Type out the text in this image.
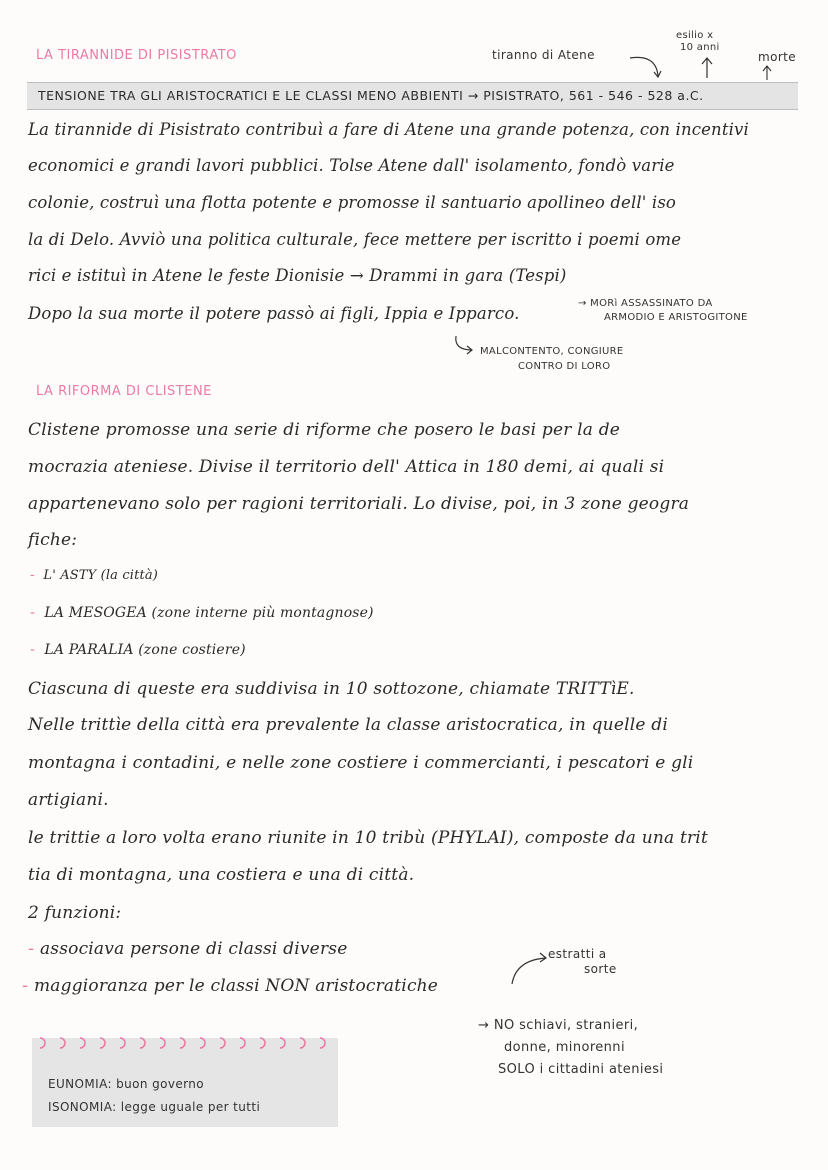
LA TIRANNIDE DI PISISTRATO	tiranno di Atene
esilio x
10 anni
morte
TENSIONE TRA GLI ARISTOCRATICI E LE CLASSI MENO ABBIENTI → PISISTRATO, 561 - 546 - 528 a.C.
La tirannide di Pisistrato contribuì a fare di Atene una grande potenza, con incentivi
economici e grandi lavori pubblici. Tolse Atene dall' isolamento, fondò varie
colonie, costruì una flotta potente e promosse il santuario apollineo dell' iso
la di Delo. Avviò una politica culturale, fece mettere per iscritto i poemi ome
rici e istituì in Atene le feste Dionisie → Drammi in gara (Tespi)
Dopo la sua morte il potere passò ai figli, Ippia e Ipparco.
→ MORì ASSASSINATO DA
ARMODIO E ARISTOGITONE
MALCONTENTO, CONGIURE
CONTRO DI LORO
LA RIFORMA DI CLISTENE
Clistene promosse una serie di riforme che posero le basi per la de
mocrazia ateniese. Divise il territorio dell' Attica in 180 demi, ai quali si
appartenevano solo per ragioni territoriali. Lo divise, poi, in 3 zone geogra
fiche:
-  L' ASTY (la città)
-  LA MESOGEA (zone interne più montagnose)
-  LA PARALIA (zone costiere)
Ciascuna di queste era suddivisa in 10 sottozone, chiamate TRITTìE.
Nelle trittìe della città era prevalente la classe aristocratica, in quelle di
montagna i contadini, e nelle zone costiere i commercianti, i pescatori e gli
artigiani.
le trittie a loro volta erano riunite in 10 tribù (PHYLAI), composte da una trit
tia di montagna, una costiera e una di città.
2 funzioni:
- associava persone di classi diverse
- maggioranza per le classi NON aristocratiche
estratti a
sorte
→ NO schiavi, stranieri,
donne, minorenni
SOLO i cittadini ateniesi
EUNOMIA: buon governo
ISONOMIA: legge uguale per tutti
